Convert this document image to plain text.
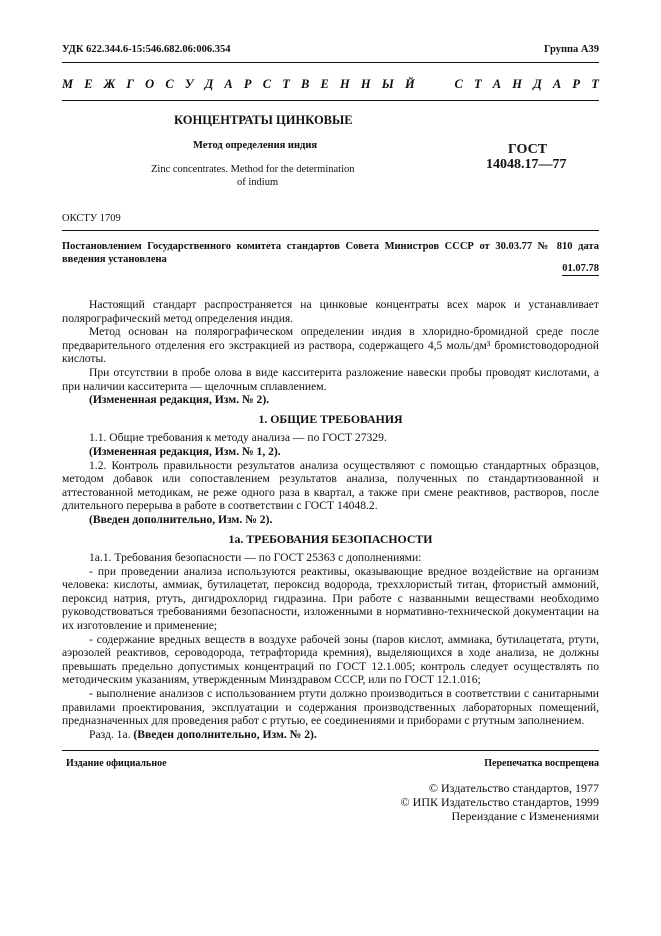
УДК 622.344.6-15:546.682.06:006.354	Группа А39
М Е Ж Г О С У Д А Р С Т В Е Н Н Ы Й

	С Т А Н Д А Р Т
КОНЦЕНТРАТЫ ЦИНКОВЫЕ
Метод определения индия
Zinc concentrates. Method for the determination
of indium
ГОСТ
14048.17—77
ОКСТУ 1709
Постановлением Государственного комитета стандартов Совета Министров СССР от 30.03.77 № 810 дата введения установлена
01.07.78

Настоящий стандарт распространяется на цинковые концентраты всех марок и устанавливает полярографический метод определения индия.

Метод основан на полярографическом определении индия в хлоридно-бромидной среде после предварительного отделения его экстракцией из раствора, содержащего 4,5 моль/дм³ бромистоводородной кислоты.

При отсутствии в пробе олова в виде касситерита разложение навески пробы проводят кислотами, а при наличии касситерита — щелочным сплавлением.

(Измененная редакция, Изм. № 2).

1. ОБЩИЕ ТРЕБОВАНИЯ

1.1. Общие требования к методу анализа — по ГОСТ 27329.

(Измененная редакция, Изм. № 1, 2).

1.2. Контроль правильности результатов анализа осуществляют с помощью стандартных образцов, методом добавок или сопоставлением результатов анализа, полученных по стандартизованной и аттестованной методикам, не реже одного раза в квартал, а также при смене реактивов, растворов, после длительного перерыва в работе в соответствии с ГОСТ 14048.2.

(Введен дополнительно, Изм. № 2).

1а. ТРЕБОВАНИЯ БЕЗОПАСНОСТИ

1а.1. Требования безопасности — по ГОСТ 25363 с дополнениями:

- при проведении анализа используются реактивы, оказывающие вредное воздействие на организм человека: кислоты, аммиак, бутилацетат, пероксид водорода, треххлористый титан, фтористый аммоний, пероксид натрия, ртуть, дигидрохлорид гидразина. При работе с названными веществами необходимо руководствоваться требованиями безопасности, изложенными в нормативно-технической документации на их изготовление и применение;

- содержание вредных веществ в воздухе рабочей зоны (паров кислот, аммиака, бутилацетата, ртути, аэрозолей реактивов, сероводорода, тетрафторида кремния), выделяющихся в ходе анализа, не должны превышать предельно допустимых концентраций по ГОСТ 12.1.005; контроль следует осуществлять по методическим указаниям, утвержденным Минздравом СССР, или по ГОСТ 12.1.016;

- выполнение анализов с использованием ртути должно производиться в соответствии с санитарными правилами проектирования, эксплуатации и содержания производственных лабораторных помещений, предназначенных для проведения работ с ртутью, ее соединениями и приборами с ртутным заполнением.

Разд. 1а. (Введен дополнительно, Изм. № 2).

Издание официальное	Перепечатка воспрещена
© Издательство стандартов, 1977
© ИПК Издательство стандартов, 1999
Переиздание с Изменениями
